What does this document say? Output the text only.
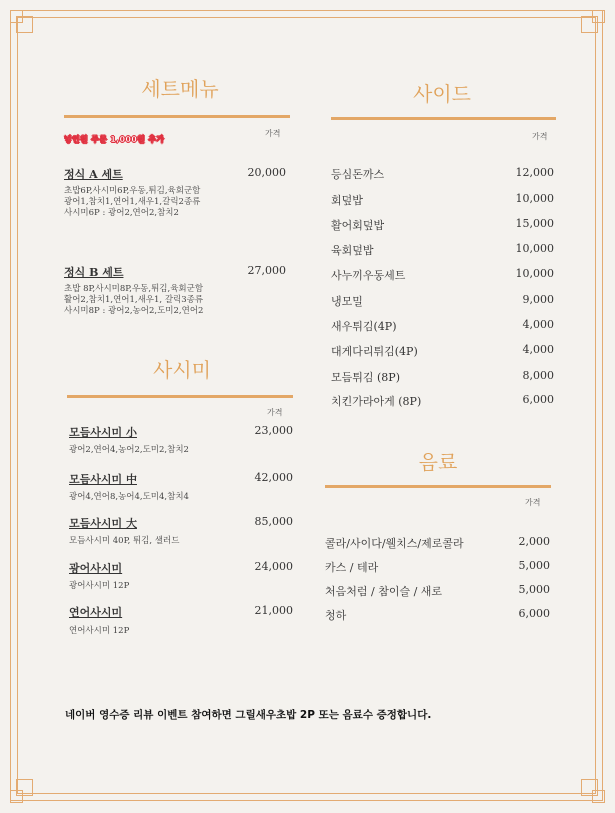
세트메뉴
넣인원 주문 1,000원 추가
가격
정식 A 세트	20,000
초밥6P,사시미6P,우동,튀김,육회군함
광어1,참치1,연어1,새우1,갈릭2종류
사시미6P : 광어2,연어2,참치2
정식 B 세트	27,000
초밥 8P,사시미8P,우동,튀김,육회군함
활어2,참치1,연어1,새우1, 갈릭3종류
사시미8P : 광어2,농어2,도미2,연어2
사시미
가격
모듬사시미 小	23,000
광어2,연어4,농어2,도미2,참치2
모듬사시미 中	42,000
광어4,연어8,농어4,도미4,참치4
모듬사시미 大	85,000
모듬사시미 40P, 튀김, 샐러드
광어사시미	24,000
광어사시미 12P
연어사시미	21,000
연어사시미 12P
사이드
가격
등심돈까스	12,000
회덮밥	10,000
활어회덮밥	15,000
육회덮밥	10,000
사누끼우동세트	10,000
냉모밀	9,000
새우튀김(4P)	4,000
대게다리튀김(4P)	4,000
모듬튀김 (8P)	8,000
치킨가라아게 (8P)	6,000
음료
가격
콜라/사이다/웰치스/제로콜라	2,000
카스 / 테라	5,000
처음처럼 / 참이슬 / 새로	5,000
청하	6,000
네이버 영수증 리뷰 이벤트 참여하면 그릴새우초밥 2P 또는 음료수 증정합니다.
